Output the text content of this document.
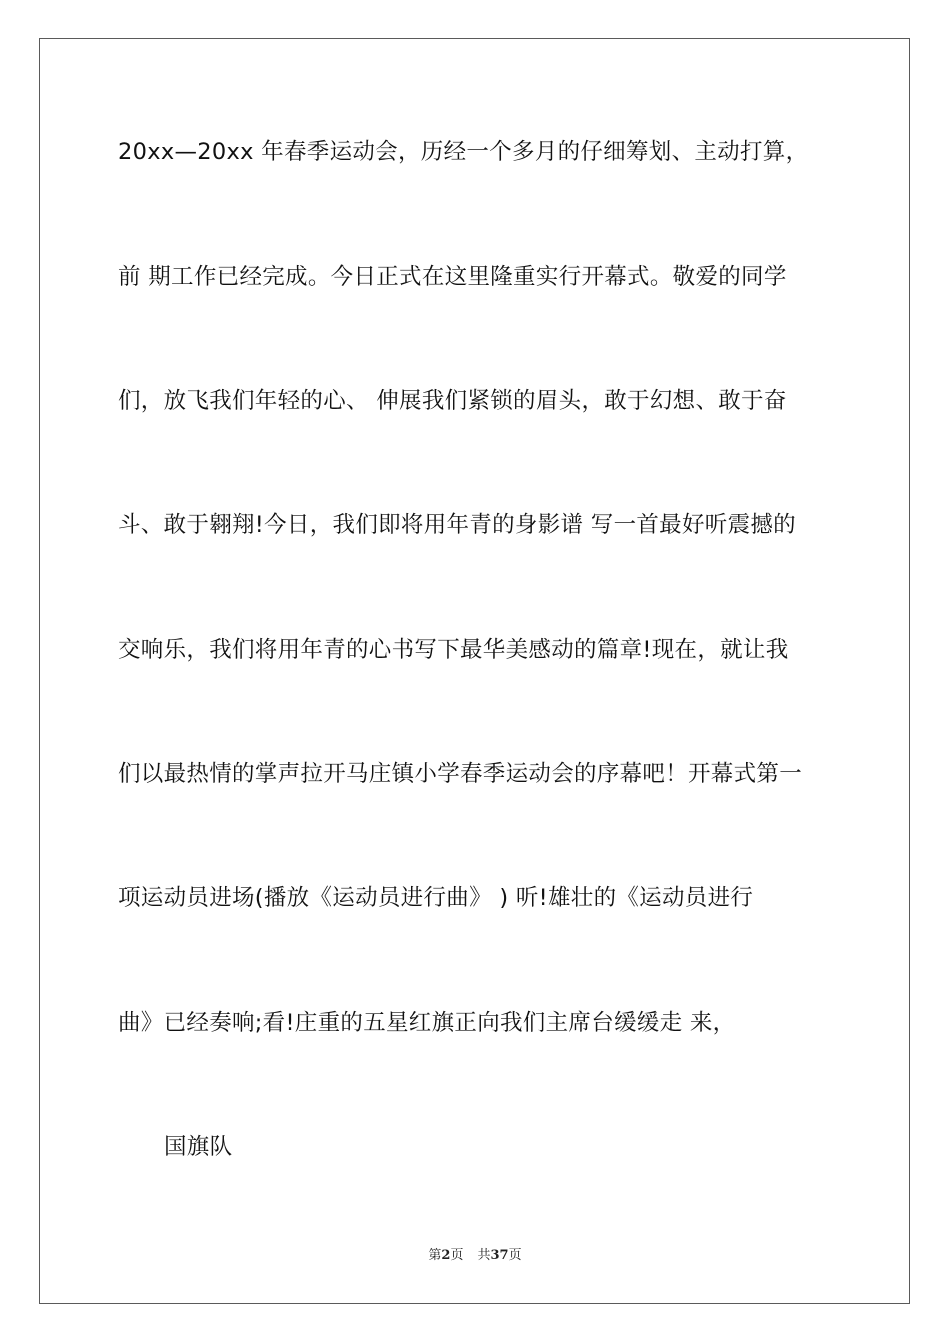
20xx—20xx 年春季运动会，历经一个多月的仔细筹划、主动打算，
前 期工作已经完成。今日正式在这里隆重实行开幕式。敬爱的同学
们，放飞我们年轻的心、 伸展我们紧锁的眉头，敢于幻想、敢于奋
斗、敢于翱翔!今日，我们即将用年青的身影谱 写一首最好听震撼的
交响乐，我们将用年青的心书写下最华美感动的篇章!现在，就让我
们以最热情的掌声拉开马庄镇小学春季运动会的序幕吧！开幕式第一
项运动员进场(播放《运动员进行曲》 ) 听!雄壮的《运动员进行
曲》已经奏响;看!庄重的五星红旗正向我们主席台缓缓走 来，
国旗队
第2页 共37页
